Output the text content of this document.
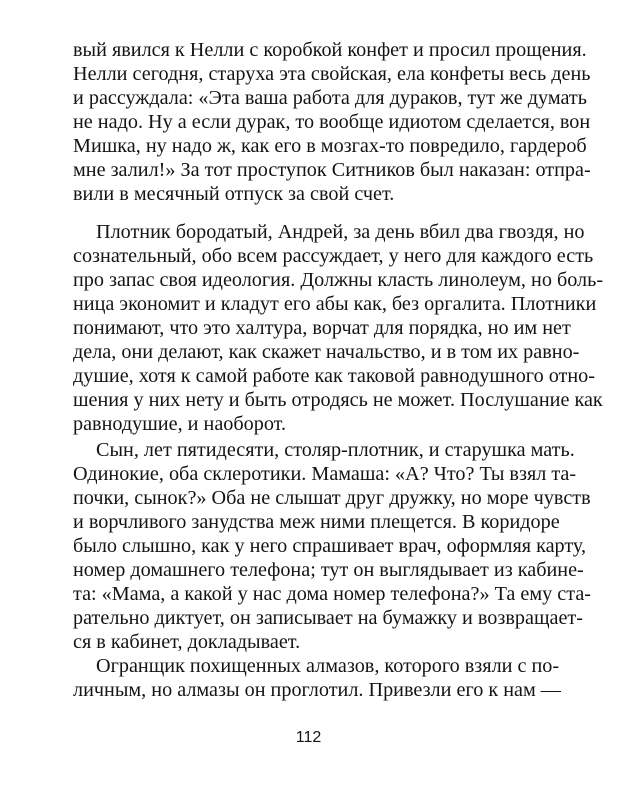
вый явился к Нелли с коробкой конфет и просил прощения.
Нелли сегодня, старуха эта свойская, ела конфеты весь день
и рассуждала: «Эта ваша работа для дураков, тут же думать
не надо. Ну а если дурак, то вообще идиотом сделается, вон
Мишка, ну надо ж, как его в мозгах-то повредило, гардероб
мне залил!» За тот проступок Ситников был наказан: отпра-
вили в месячный отпуск за свой счет.
Плотник бородатый, Андрей, за день вбил два гвоздя, но
сознательный, обо всем рассуждает, у него для каждого есть
про запас своя идеология. Должны класть линолеум, но боль-
ница экономит и кладут его абы как, без оргалита. Плотники
понимают, что это халтура, ворчат для порядка, но им нет
дела, они делают, как скажет начальство, и в том их равно-
душие, хотя к самой работе как таковой равнодушного отно-
шения у них нету и быть отродясь не может. Послушание как
равнодушие, и наоборот.
Сын, лет пятидесяти, столяр-плотник, и старушка мать.
Одинокие, оба склеротики. Мамаша: «А? Что? Ты взял та-
почки, сынок?» Оба не слышат друг дружку, но море чувств
и ворчливого занудства меж ними плещется. В коридоре
было слышно, как у него спрашивает врач, оформляя карту,
номер домашнего телефона; тут он выглядывает из кабине-
та: «Мама, а какой у нас дома номер телефона?» Та ему ста-
рательно диктует, он записывает на бумажку и возвращает-
ся в кабинет, докладывает.
Огранщик похищенных алмазов, которого взяли с по-
личным, но алмазы он проглотил. Привезли его к нам —
112
